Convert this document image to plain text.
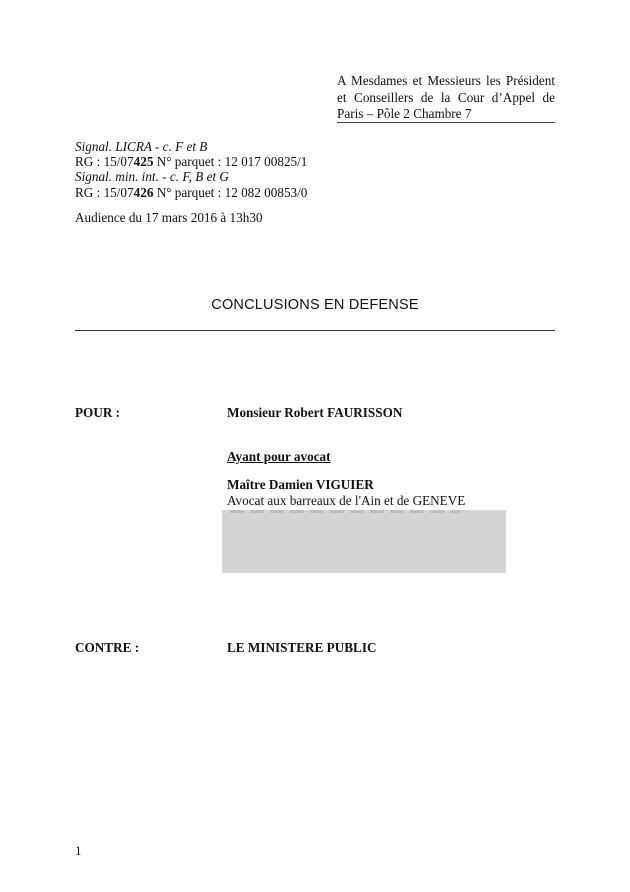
A Mesdames et Messieurs les Président
et Conseillers de la Cour d’Appel de
Paris – Pôle 2 Chambre 7
Signal. LICRA - c. F et B
RG : 15/07425 N° parquet : 12 017 00825/1
Signal. min. int. - c. F, B et G
RG : 15/07426 N° parquet : 12 082 00853/0
Audience du 17 mars 2016 à 13h30
CONCLUSIONS EN DEFENSE
POUR :	Monsieur Robert FAURISSON
Ayant pour avocat
Maître Damien VIGUIER
Avocat aux barreaux de l'Ain et de GENEVE
CONTRE :	LE MINISTERE PUBLIC
1
